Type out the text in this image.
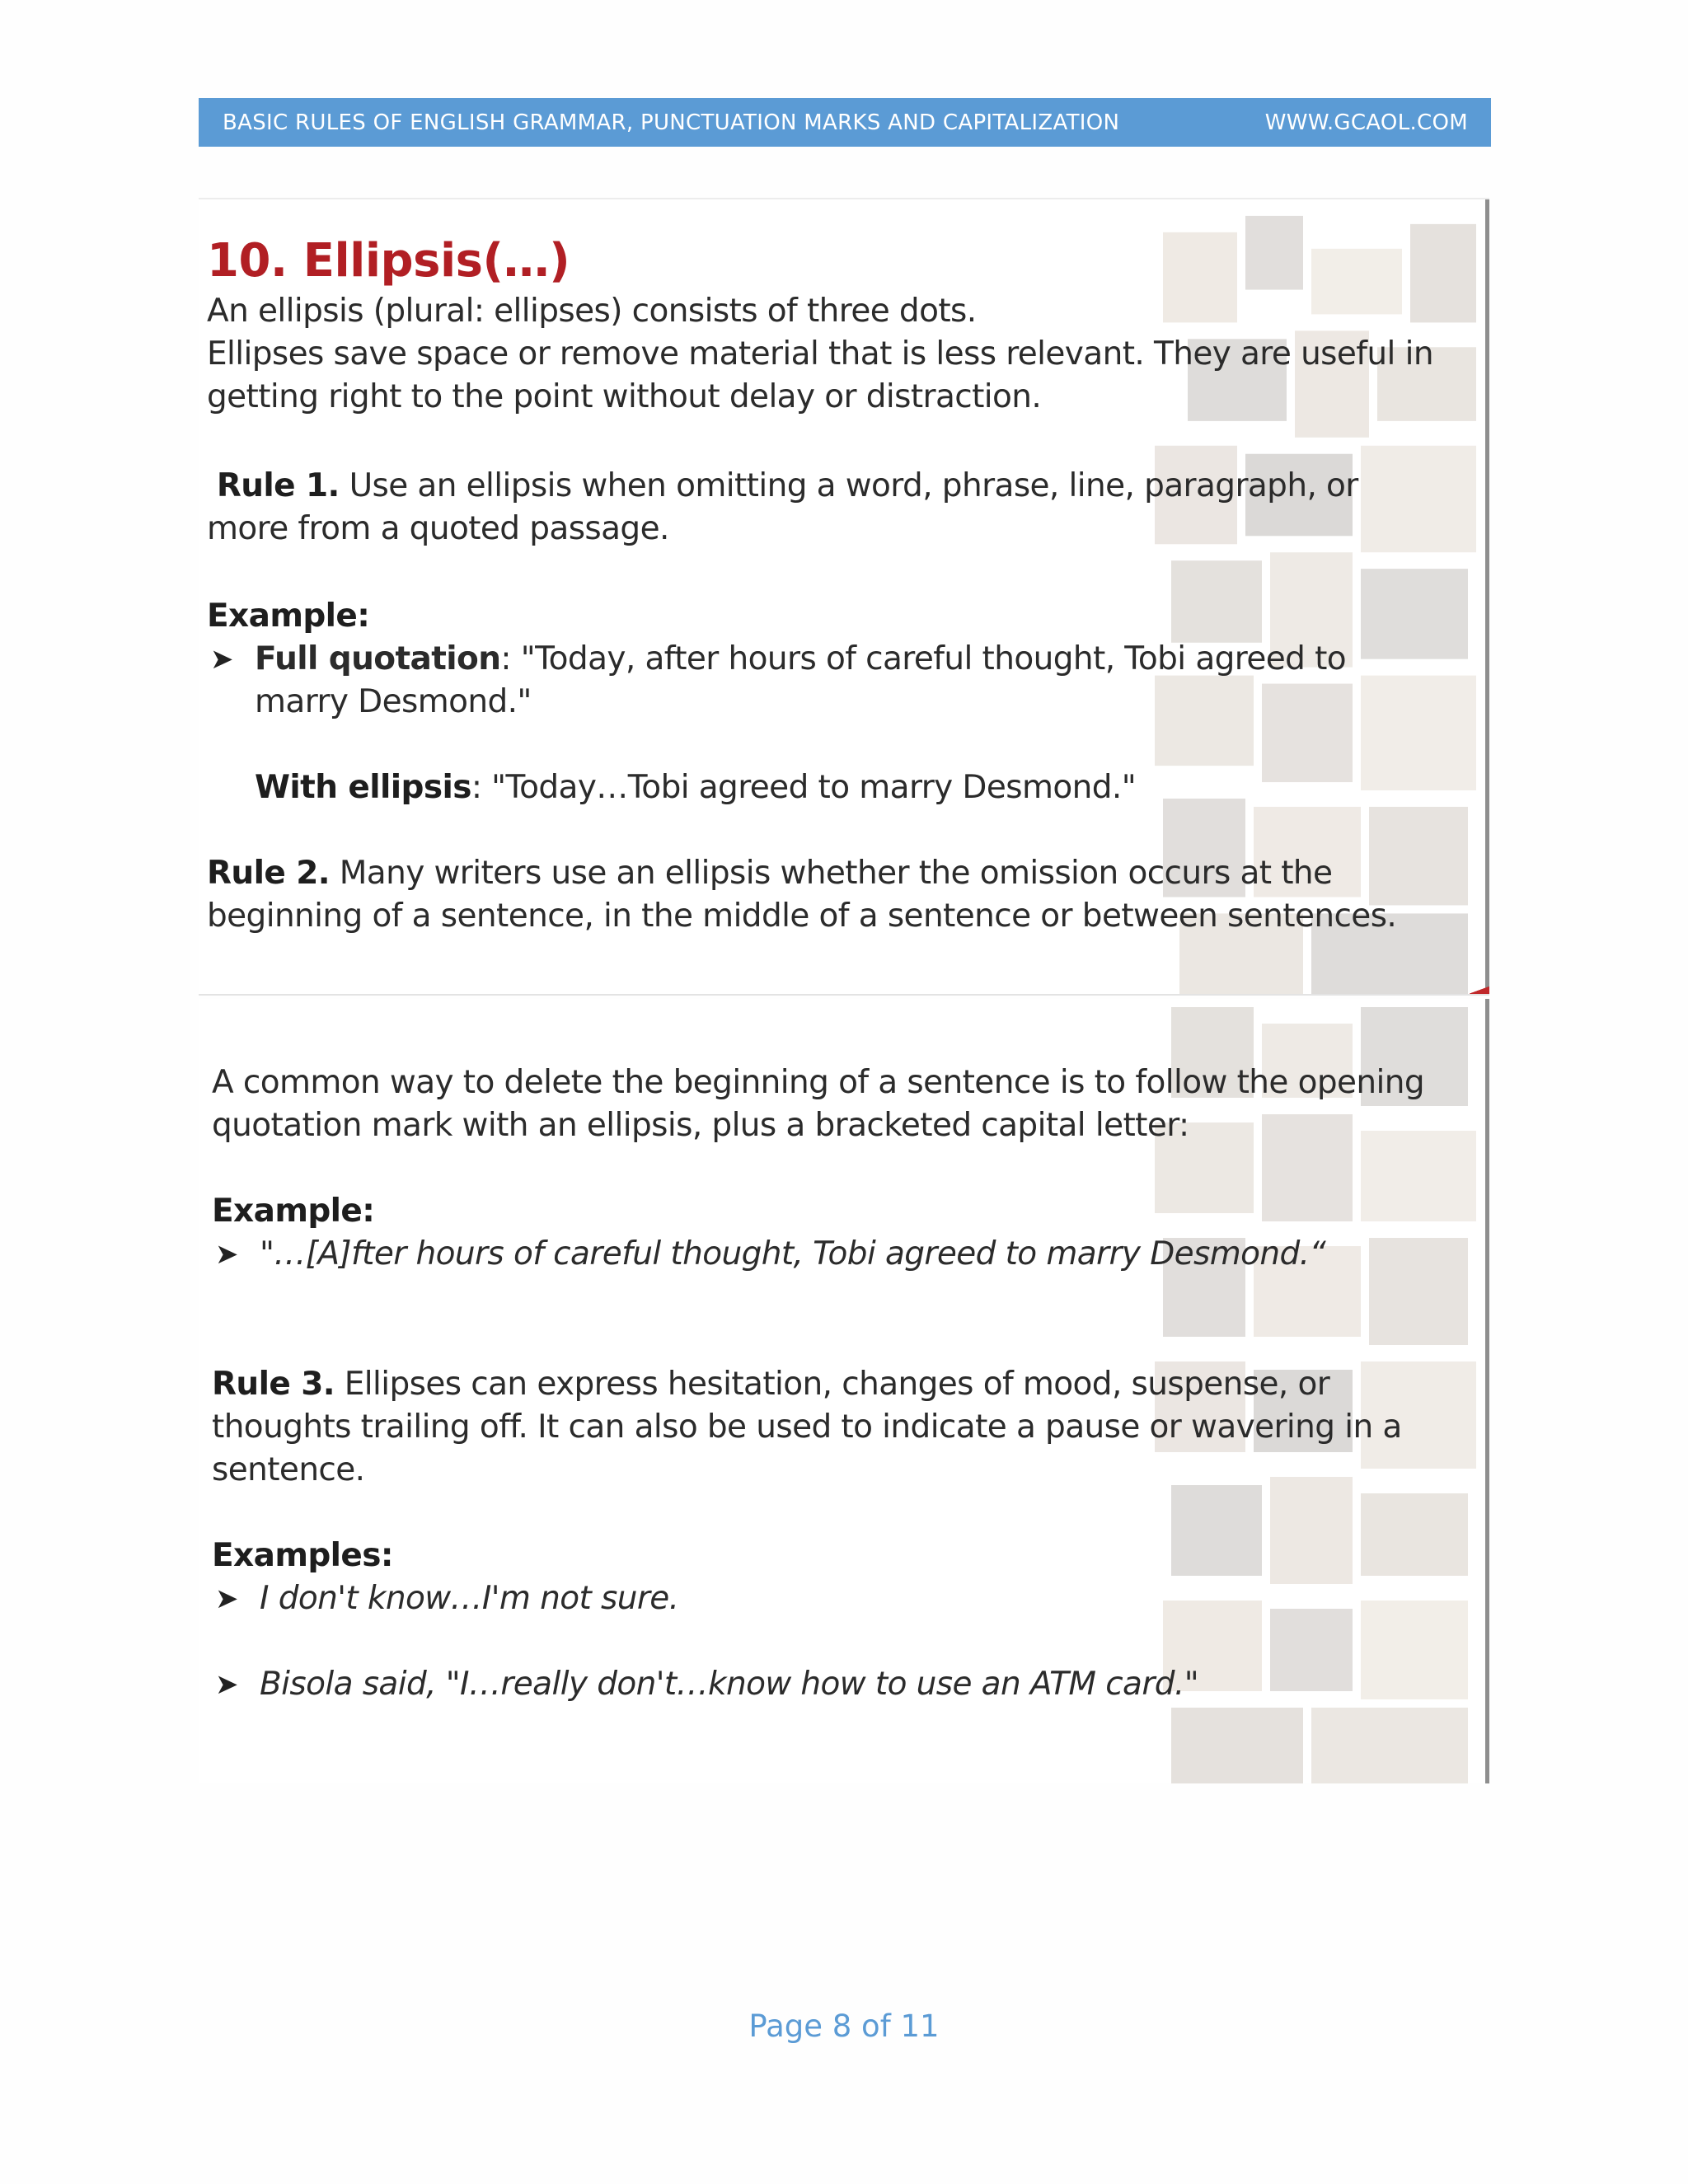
BASIC RULES OF ENGLISH GRAMMAR, PUNCTUATION MARKS AND CAPITALIZATION	WWW.GCAOL.COM
10. Ellipsis(…)

An ellipsis (plural: ellipses) consists of three dots.

Ellipses save space or remove material that is less relevant. They are useful in getting right to the point without delay or distraction.

Rule 1. Use an ellipsis when omitting a word, phrase, line, paragraph, or more from a quoted passage.

Example:

➤ Full quotation: "Today, after hours of careful thought, Tobi agreed to marry Desmond."

With ellipsis: "Today…Tobi agreed to marry Desmond."

Rule 2. Many writers use an ellipsis whether the omission occurs at the beginning of a sentence, in the middle of a sentence or between sentences.

A common way to delete the beginning of a sentence is to follow the opening quotation mark with an ellipsis, plus a bracketed capital letter:

Example:

➤ "…[A]fter hours of careful thought, Tobi agreed to marry Desmond.“

Rule 3. Ellipses can express hesitation, changes of mood, suspense, or thoughts trailing off. It can also be used to indicate a pause or wavering in a sentence.

Examples:

➤ I don't know…I'm not sure.
➤ Bisola said, "I…really don't…know how to use an ATM card."
Page 8 of 11
